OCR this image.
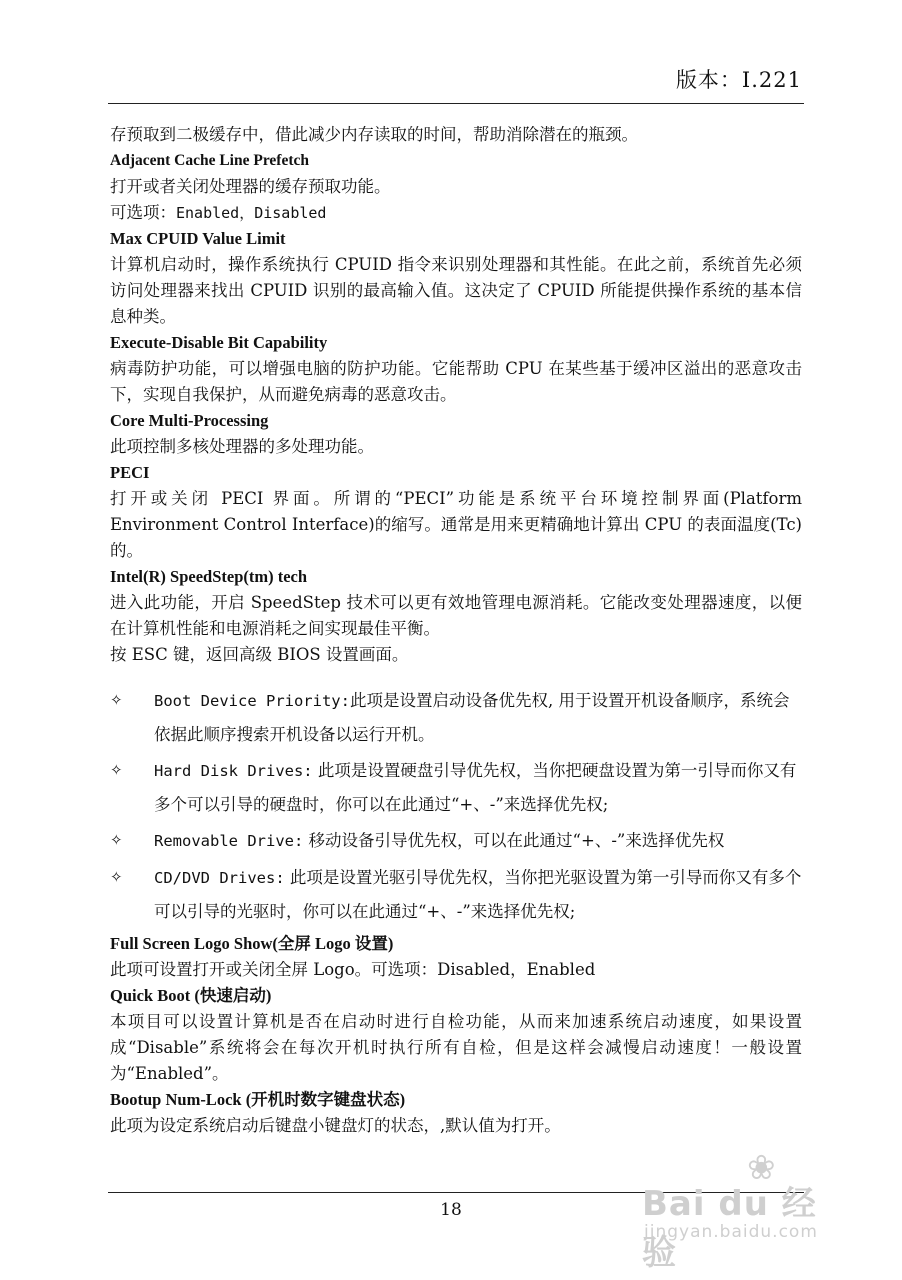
版本：I.221
存预取到二极缓存中，借此减少内存读取的时间，帮助消除潜在的瓶颈。
Adjacent Cache Line Prefetch
打开或者关闭处理器的缓存预取功能。
可选项：Enabled，Disabled
Max CPUID Value Limit
计算机启动时，操作系统执行 CPUID 指令来识别处理器和其性能。在此之前，系统首先必须访问处理器来找出 CPUID 识别的最高输入值。这决定了 CPUID 所能提供操作系统的基本信息种类。
Execute-Disable Bit Capability
病毒防护功能，可以增强电脑的防护功能。它能帮助 CPU 在某些基于缓冲区溢出的恶意攻击下，实现自我保护，从而避免病毒的恶意攻击。
Core Multi-Processing
此项控制多核处理器的多处理功能。
PECI
打开或关闭 PECI 界面。所谓的“PECI”功能是系统平台环境控制界面(Platform Environment Control Interface)的缩写。通常是用来更精确地计算出 CPU 的表面温度(Tc)的。
Intel(R) SpeedStep(tm) tech
进入此功能，开启 SpeedStep 技术可以更有效地管理电源消耗。它能改变处理器速度，以便在计算机性能和电源消耗之间实现最佳平衡。
按 ESC 键，返回高级 BIOS 设置画面。
✧ Boot Device Priority:此项是设置启动设备优先权, 用于设置开机设备顺序，系统会依据此顺序搜索开机设备以运行开机。
✧ Hard Disk Drives: 此项是设置硬盘引导优先权，当你把硬盘设置为第一引导而你又有多个可以引导的硬盘时，你可以在此通过“+、-”来选择优先权;
✧ Removable Drive: 移动设备引导优先权，可以在此通过“+、-”来选择优先权
✧ CD/DVD Drives: 此项是设置光驱引导优先权，当你把光驱设置为第一引导而你又有多个可以引导的光驱时，你可以在此通过“+、-”来选择优先权;
Full Screen Logo Show(全屏 Logo 设置)
此项可设置打开或关闭全屏 Logo。可选项：Disabled，Enabled
Quick Boot (快速启动)
本项目可以设置计算机是否在启动时进行自检功能，从而来加速系统启动速度，如果设置成“Disable”系统将会在每次开机时执行所有自检，但是这样会减慢启动速度！一般设置为“Enabled”。
Bootup Num-Lock (开机时数字键盘状态)
此项为设定系统启动后键盘小键盘灯的状态，,默认值为打开。
18
❀
Bai du 经验
jingyan.baidu.com
